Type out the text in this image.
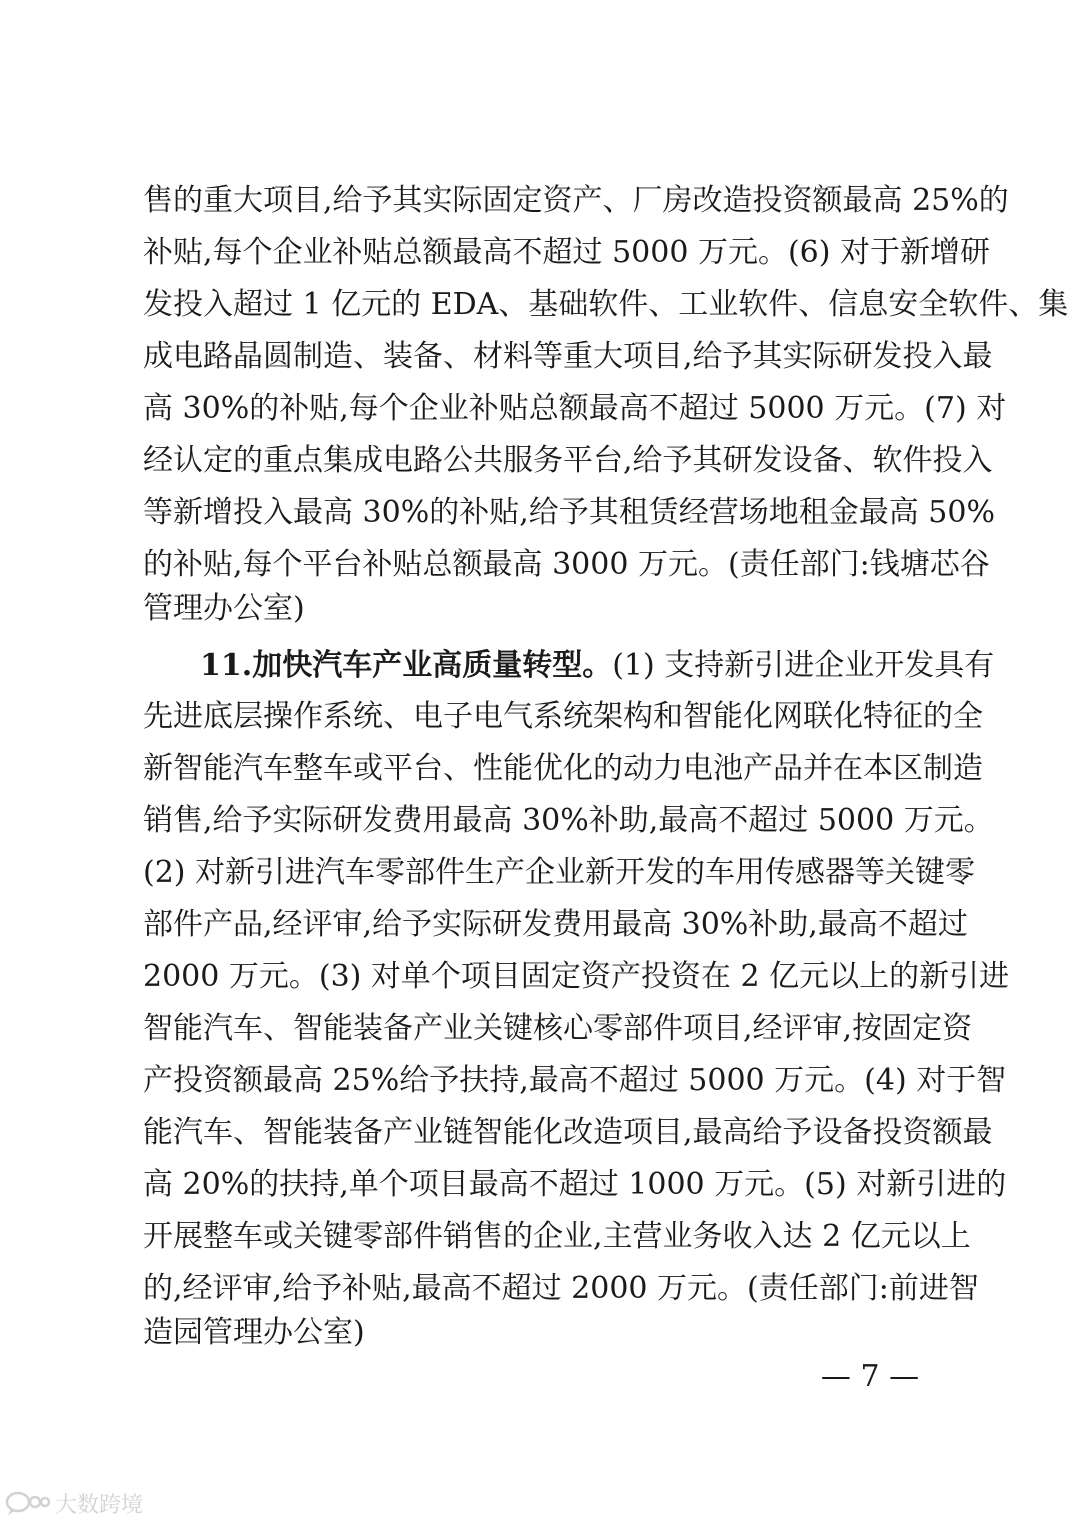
售的重大项目,给予其实际固定资产、厂房改造投资额最高 25%的
补贴,每个企业补贴总额最高不超过 5000 万元。(6) 对于新增研
发投入超过 1 亿元的 EDA、基础软件、工业软件、信息安全软件、集
成电路晶圆制造、装备、材料等重大项目,给予其实际研发投入最
高 30%的补贴,每个企业补贴总额最高不超过 5000 万元。(7) 对
经认定的重点集成电路公共服务平台,给予其研发设备、软件投入
等新增投入最高 30%的补贴,给予其租赁经营场地租金最高 50%
的补贴,每个平台补贴总额最高 3000 万元。(责任部门:钱塘芯谷
管理办公室)
11.加快汽车产业高质量转型。(1) 支持新引进企业开发具有
先进底层操作系统、电子电气系统架构和智能化网联化特征的全
新智能汽车整车或平台、性能优化的动力电池产品并在本区制造
销售,给予实际研发费用最高 30%补助,最高不超过 5000 万元。
(2) 对新引进汽车零部件生产企业新开发的车用传感器等关键零
部件产品,经评审,给予实际研发费用最高 30%补助,最高不超过
2000 万元。(3) 对单个项目固定资产投资在 2 亿元以上的新引进
智能汽车、智能装备产业关键核心零部件项目,经评审,按固定资
产投资额最高 25%给予扶持,最高不超过 5000 万元。(4) 对于智
能汽车、智能装备产业链智能化改造项目,最高给予设备投资额最
高 20%的扶持,单个项目最高不超过 1000 万元。(5) 对新引进的
开展整车或关键零部件销售的企业,主营业务收入达 2 亿元以上
的,经评审,给予补贴,最高不超过 2000 万元。(责任部门:前进智
造园管理办公室)
— 7 —
大数跨境
